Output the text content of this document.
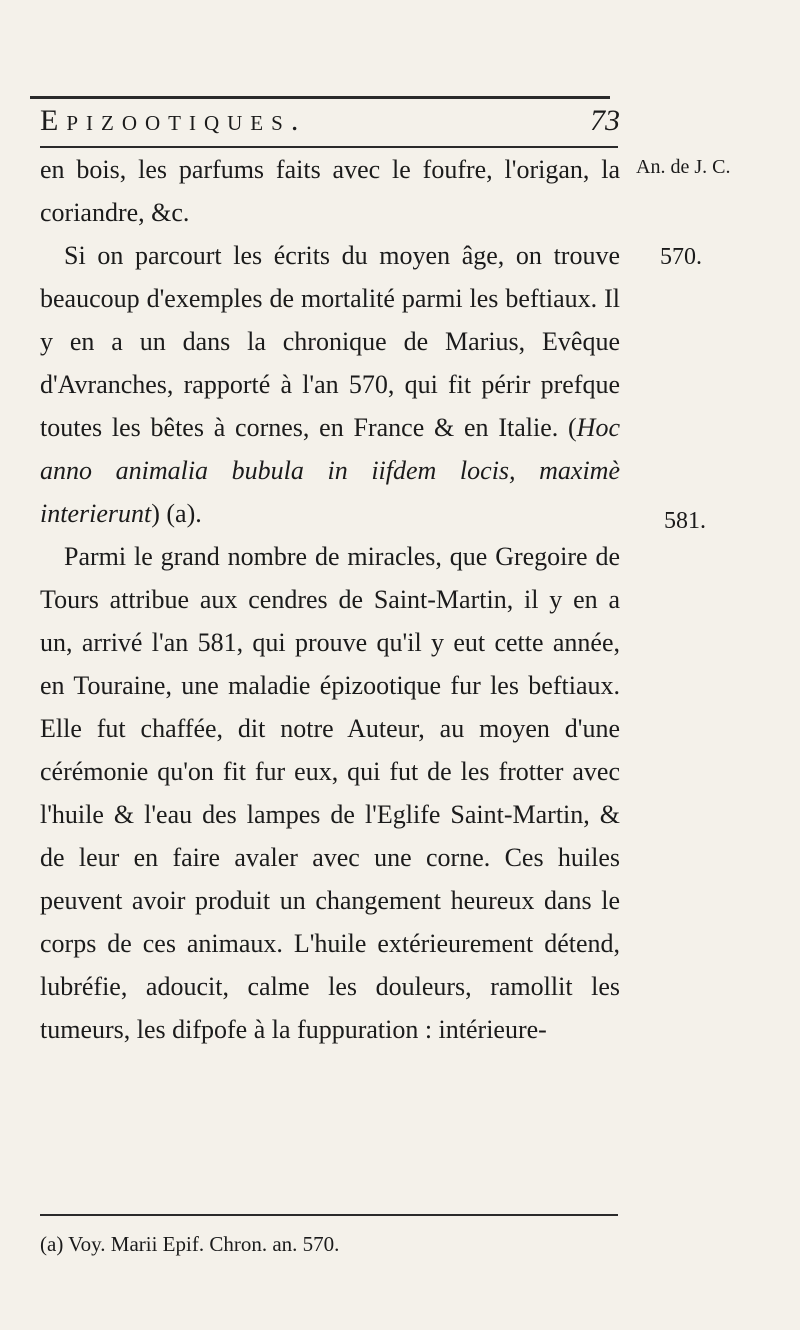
Epizootiques.	73

en bois, les parfums faits avec le foufre, l'origan, la coriandre, &c.

Si on parcourt les écrits du moyen âge, on trouve beaucoup d'exemples de mortalité parmi les beftiaux. Il y en a un dans la chronique de Marius, Evêque d'Avranches, rapporté à l'an 570, qui fit périr prefque toutes les bêtes à cornes, en France & en Italie. (Hoc anno animalia bubula in iifdem locis, maximè interierunt) (a).

Parmi le grand nombre de miracles, que Gregoire de Tours attribue aux cendres de Saint-Martin, il y en a un, arrivé l'an 581, qui prouve qu'il y eut cette année, en Touraine, une maladie épizootique fur les beftiaux. Elle fut chaffée, dit notre Auteur, au moyen d'une cérémonie qu'on fit fur eux, qui fut de les frotter avec l'huile & l'eau des lampes de l'Eglife Saint-Martin, & de leur en faire avaler avec une corne. Ces huiles peuvent avoir produit un changement heureux dans le corps de ces animaux. L'huile extérieurement détend, lubréfie, adoucit, calme les douleurs, ramollit les tumeurs, les difpofe à la fuppuration : intérieure-

An. de J. C.
570.
581.
(a) Voy. Marii Epif. Chron. an. 570.
